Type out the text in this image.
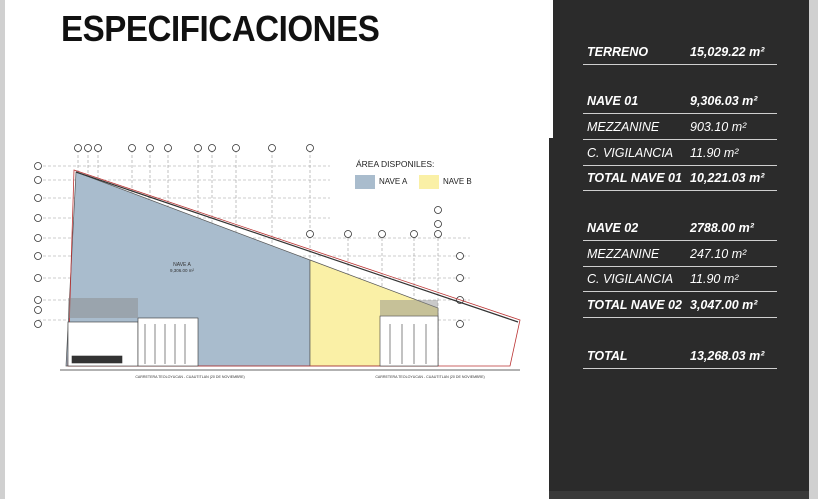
ESPECIFICACIONES
NAVE A
9,306.00 m²
CARRETERA TEOLOYUCAN - CUAUTITLAN (20 DE NOVIEMBRE)	CARRETERA TEOLOYUCAN - CUAUTITLAN (20 DE NOVIEMBRE)
ÁREA DISPONILES:
NAVE A	NAVE B
TERRENO	15,029.22 m²
NAVE 01	9,306.03 m²
MEZZANINE 903.10 m²
C. VIGILANCIA 11.90 m²
TOTAL NAVE 01 10,221.03 m²
NAVE 02	2788.00 m²
MEZZANINE 247.10 m²
C. VIGILANCIA 11.90 m²
TOTAL NAVE 02 3,047.00 m²
TOTAL	13,268.03 m²
